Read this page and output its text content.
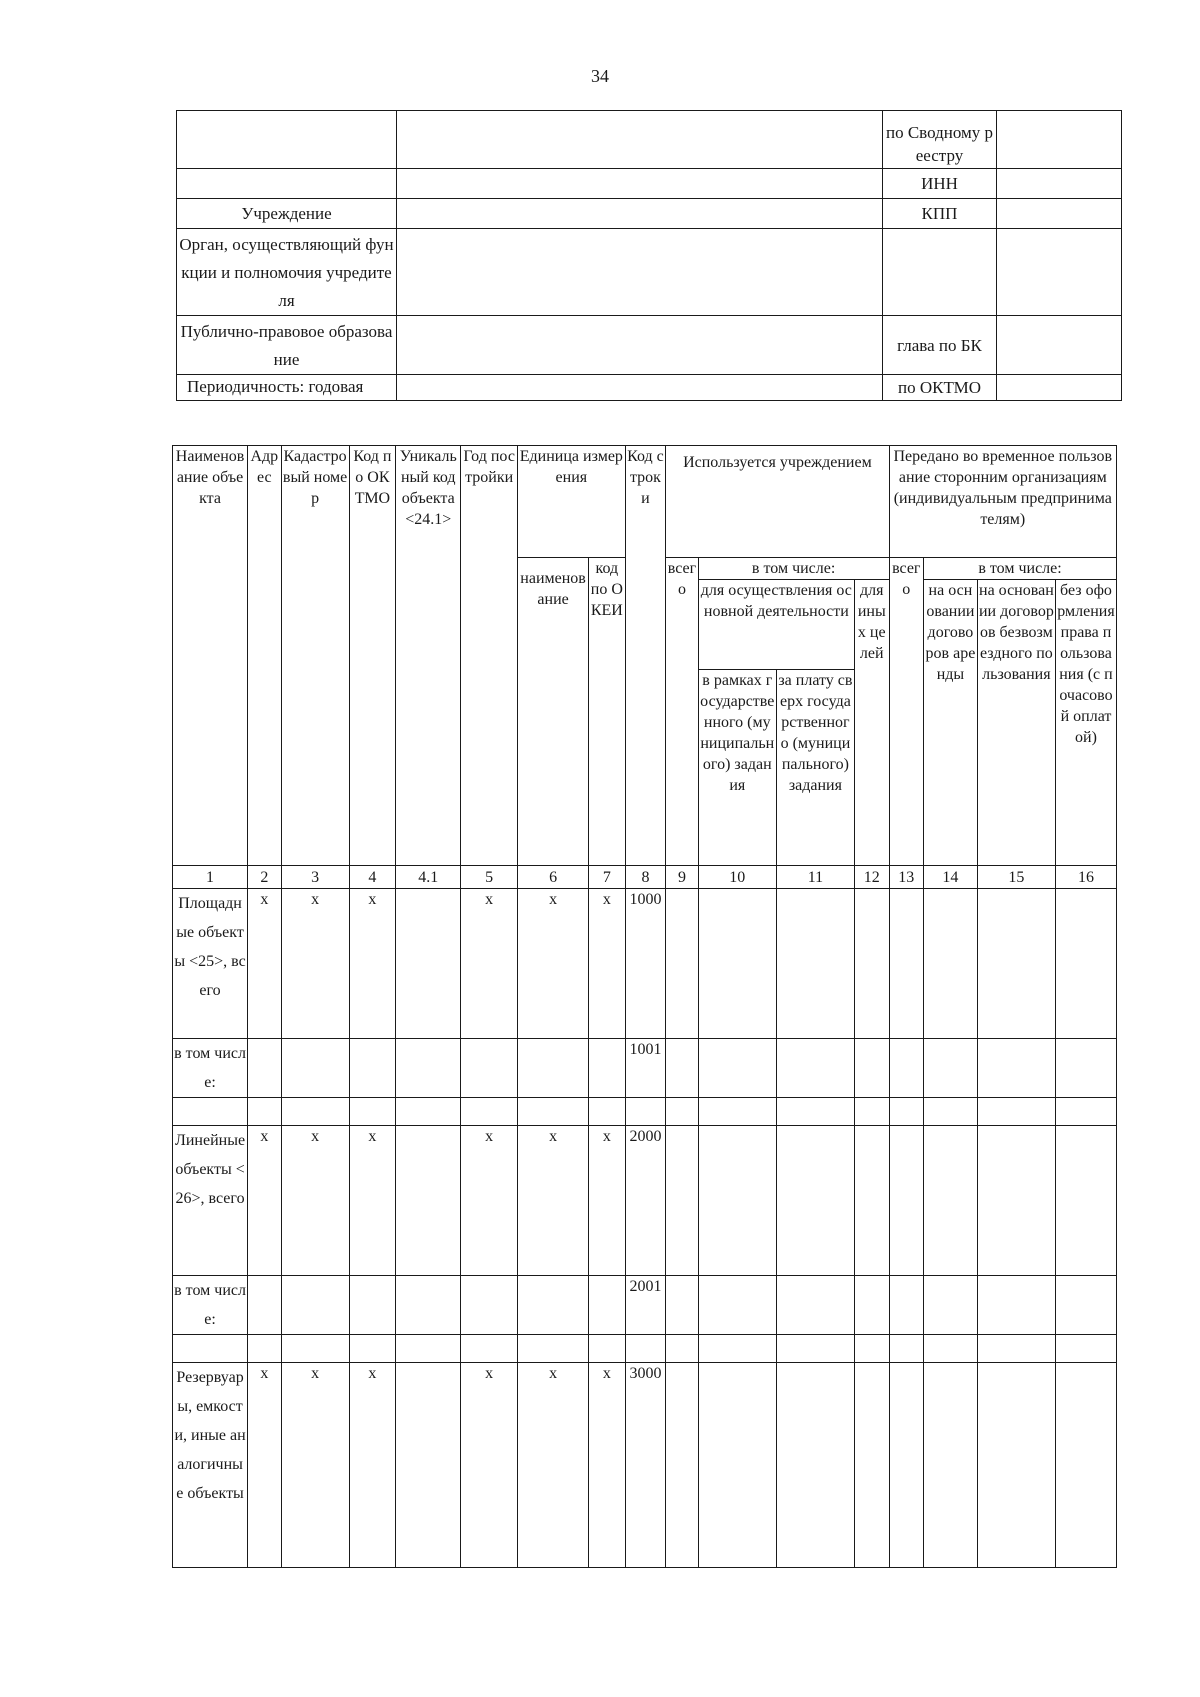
34
		по Сводному реестру	
		ИНН	
Учреждение		КПП	
Орган, осуществляющий функции и полномочия учредителя			
Публично-правовое образование		глава по БК	
Периодичность: годовая		по ОКТМО	
Наименование объекта	Адрес	Кадастровый номер	Код по ОКТМО	Уникальный код объекта <24.1>	Год постройки	Единица измерения		Код строки	Используется учреждением				Передано во временное пользование сторонним организациям (индивидуальным предпринимателям)			
						наименование	код по ОКЕИ		всего	в том числе:			всего	в том числе:		
										для осуществления основной деятельности		для иных целей		на основании договоров аренды	на основании договоров безвозмездного пользования	без оформления права пользования (с почасовой оплатой)
										в рамках государственного (муниципального) задания	за плату сверх государственного (муниципального) задания					
1	2	3	4	4.1	5	6	7	8	9	10	11	12	13	14	15	16
Площадные объекты <25>, всего	x	x	x		x	x	x	1000								
в том числе:								1001								

Линейные объекты <26>, всего	x	x	x		x	x	x	2000								
в том числе:								2001								

Резервуары, емкости, иные аналогичные объекты	x	x	x		x	x	x	3000								
